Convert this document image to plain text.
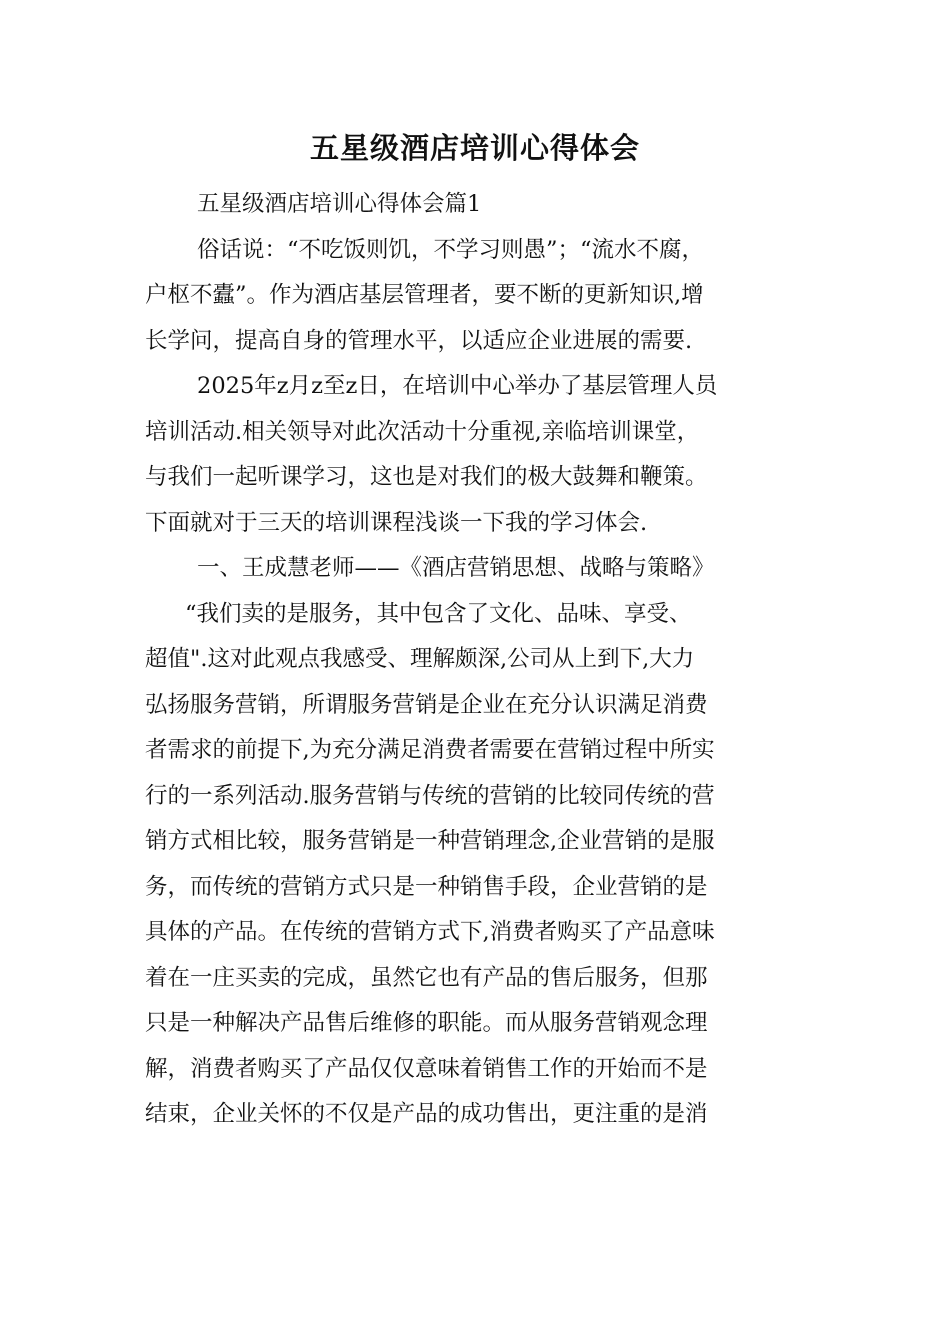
五星级酒店培训心得体会
五星级酒店培训心得体会篇1
俗话说：“不吃饭则饥，不学习则愚”；“流水不腐，
户枢不蠹”。作为酒店基层管理者，要不断的更新知识,增
长学问，提高自身的管理水平，以适应企业进展的需要.
2025年z月z至z日，在培训中心举办了基层管理人员
培训活动.相关领导对此次活动十分重视,亲临培训课堂，
与我们一起听课学习，这也是对我们的极大鼓舞和鞭策。
下面就对于三天的培训课程浅谈一下我的学习体会.
一、王成慧老师——《酒店营销思想、战略与策略》
“我们卖的是服务，其中包含了文化、品味、享受、
超值".这对此观点我感受、理解颇深,公司从上到下,大力
弘扬服务营销，所谓服务营销是企业在充分认识满足消费
者需求的前提下,为充分满足消费者需要在营销过程中所实
行的一系列活动.服务营销与传统的营销的比较同传统的营
销方式相比较，服务营销是一种营销理念,企业营销的是服
务，而传统的营销方式只是一种销售手段，企业营销的是
具体的产品。在传统的营销方式下,消费者购买了产品意味
着在一庄买卖的完成，虽然它也有产品的售后服务，但那
只是一种解决产品售后维修的职能。而从服务营销观念理
解，消费者购买了产品仅仅意味着销售工作的开始而不是
结束，企业关怀的不仅是产品的成功售出，更注重的是消
